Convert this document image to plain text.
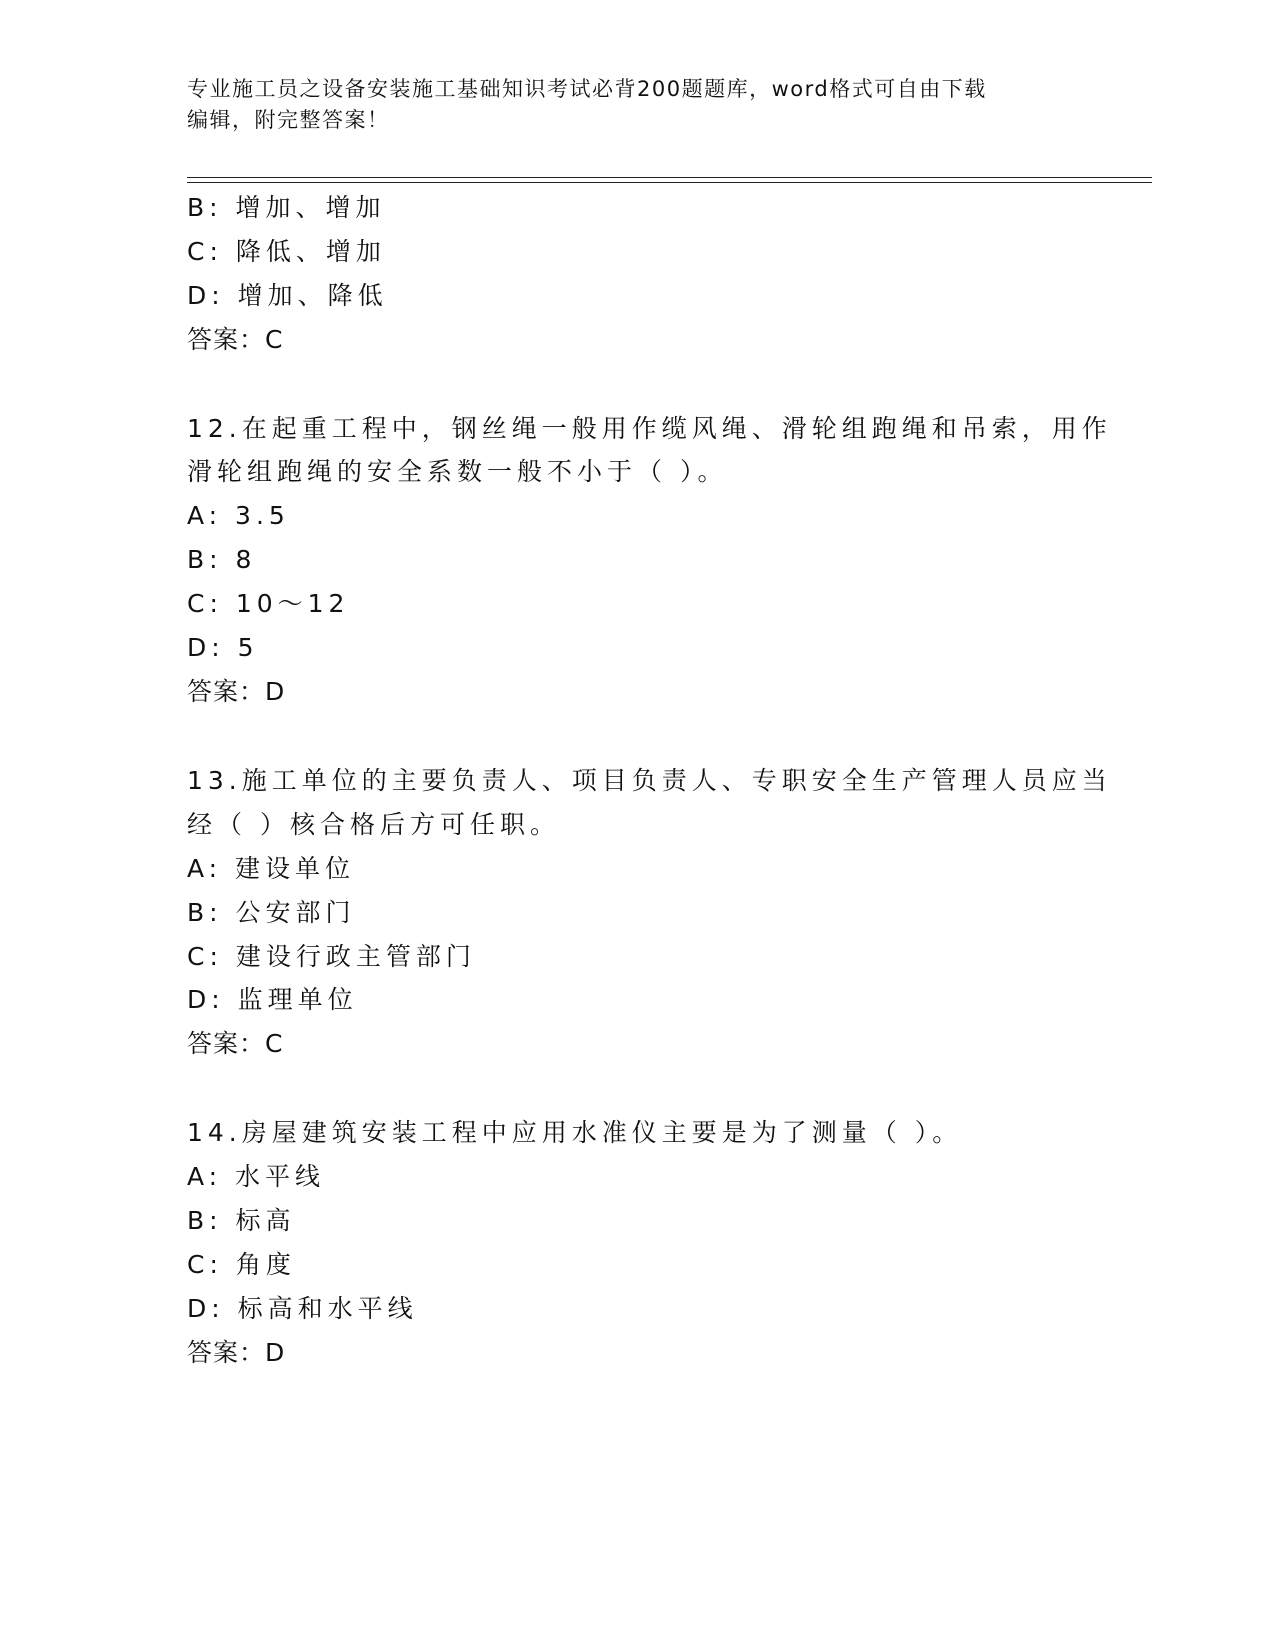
专业施工员之设备安装施工基础知识考试必背200题题库，word格式可自由下载
编辑，附完整答案！
B: 增加、增加
C: 降低、增加
D: 增加、降低
答案：C
12.在起重工程中，钢丝绳一般用作缆风绳、滑轮组跑绳和吊索，用作
滑轮组跑绳的安全系数一般不小于（ ）。
A: 3.5
B: 8
C: 10～12
D: 5
答案：D
13.施工单位的主要负责人、项目负责人、专职安全生产管理人员应当
经（ ）核合格后方可任职。
A: 建设单位
B: 公安部门
C: 建设行政主管部门
D: 监理单位
答案：C
14.房屋建筑安装工程中应用水准仪主要是为了测量（ ）。
A: 水平线
B: 标高
C: 角度
D: 标高和水平线
答案：D
